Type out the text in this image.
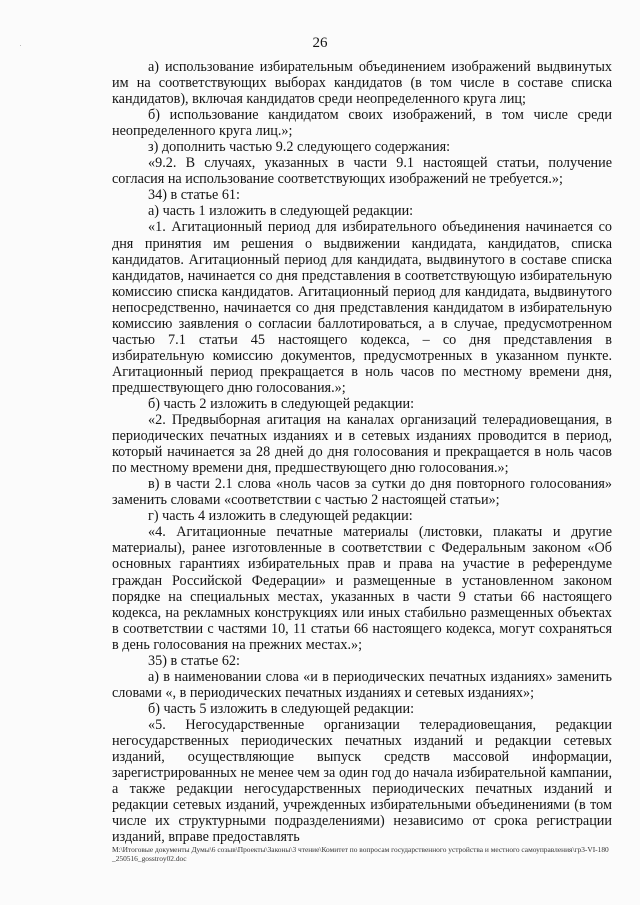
26

а) использование избирательным объединением изображений выдвинутых им на соответствующих выборах кандидатов (в том числе в составе списка кандидатов), включая кандидатов среди неопределенного круга лиц;

б) использование кандидатом своих изображений, в том числе среди неопределенного круга лиц.»;

з) дополнить частью 9.2 следующего содержания:

«9.2. В случаях, указанных в части 9.1 настоящей статьи, получение согласия на использование соответствующих изображений не требуется.»;

34) в статье 61:

а) часть 1 изложить в следующей редакции:

«1. Агитационный период для избирательного объединения начинается со дня принятия им решения о выдвижении кандидата, кандидатов, списка кандидатов. Агитационный период для кандидата, выдвинутого в составе списка кандидатов, начинается со дня представления в соответствующую избирательную комиссию списка кандидатов. Агитационный период для кандидата, выдвинутого непосредственно, начинается со дня представления кандидатом в избирательную комиссию заявления о согласии баллотироваться, а в случае, предусмотренном частью 7.1 статьи 45 настоящего кодекса, – со дня представления в избирательную комиссию документов, предусмотренных в указанном пункте. Агитационный период прекращается в ноль часов по местному времени дня, предшествующего дню голосования.»;

б) часть 2 изложить в следующей редакции:

«2. Предвыборная агитация на каналах организаций телерадиовещания, в периодических печатных изданиях и в сетевых изданиях проводится в период, который начинается за 28 дней до дня голосования и прекращается в ноль часов по местному времени дня, предшествующего дню голосования.»;

в) в части 2.1 слова «ноль часов за сутки до дня повторного голосования» заменить словами «соответствии с частью 2 настоящей статьи»;

г) часть 4 изложить в следующей редакции:

«4. Агитационные печатные материалы (листовки, плакаты и другие материалы), ранее изготовленные в соответствии с Федеральным законом «Об основных гарантиях избирательных прав и права на участие в референдуме граждан Российской Федерации» и размещенные в установленном законом порядке на специальных местах, указанных в части 9 статьи 66 настоящего кодекса, на рекламных конструкциях или иных стабильно размещенных объектах в соответствии с частями 10, 11 статьи 66 настоящего кодекса, могут сохраняться в день голосования на прежних местах.»;

35) в статье 62:

а) в наименовании слова «и в периодических печатных изданиях» заменить словами «, в периодических печатных изданиях и сетевых изданиях»;

б) часть 5 изложить в следующей редакции:

«5. Негосударственные организации телерадиовещания, редакции негосударственных периодических печатных изданий и редакции сетевых изданий, осуществляющие выпуск средств массовой информации, зарегистрированных не менее чем за один год до начала избирательной кампании, а также редакции негосударственных периодических печатных изданий и редакции сетевых изданий, учрежденных избирательными объединениями (в том числе их структурными подразделениями) независимо от срока регистрации изданий, вправе предоставлять

М:\Итоговые документы Думы\6 созыв\Проекты\Законы\3 чтение\Комитет по вопросам государственного устройства и местного самоуправления\гр3-VI-180_250516_gosstroy02.doc
